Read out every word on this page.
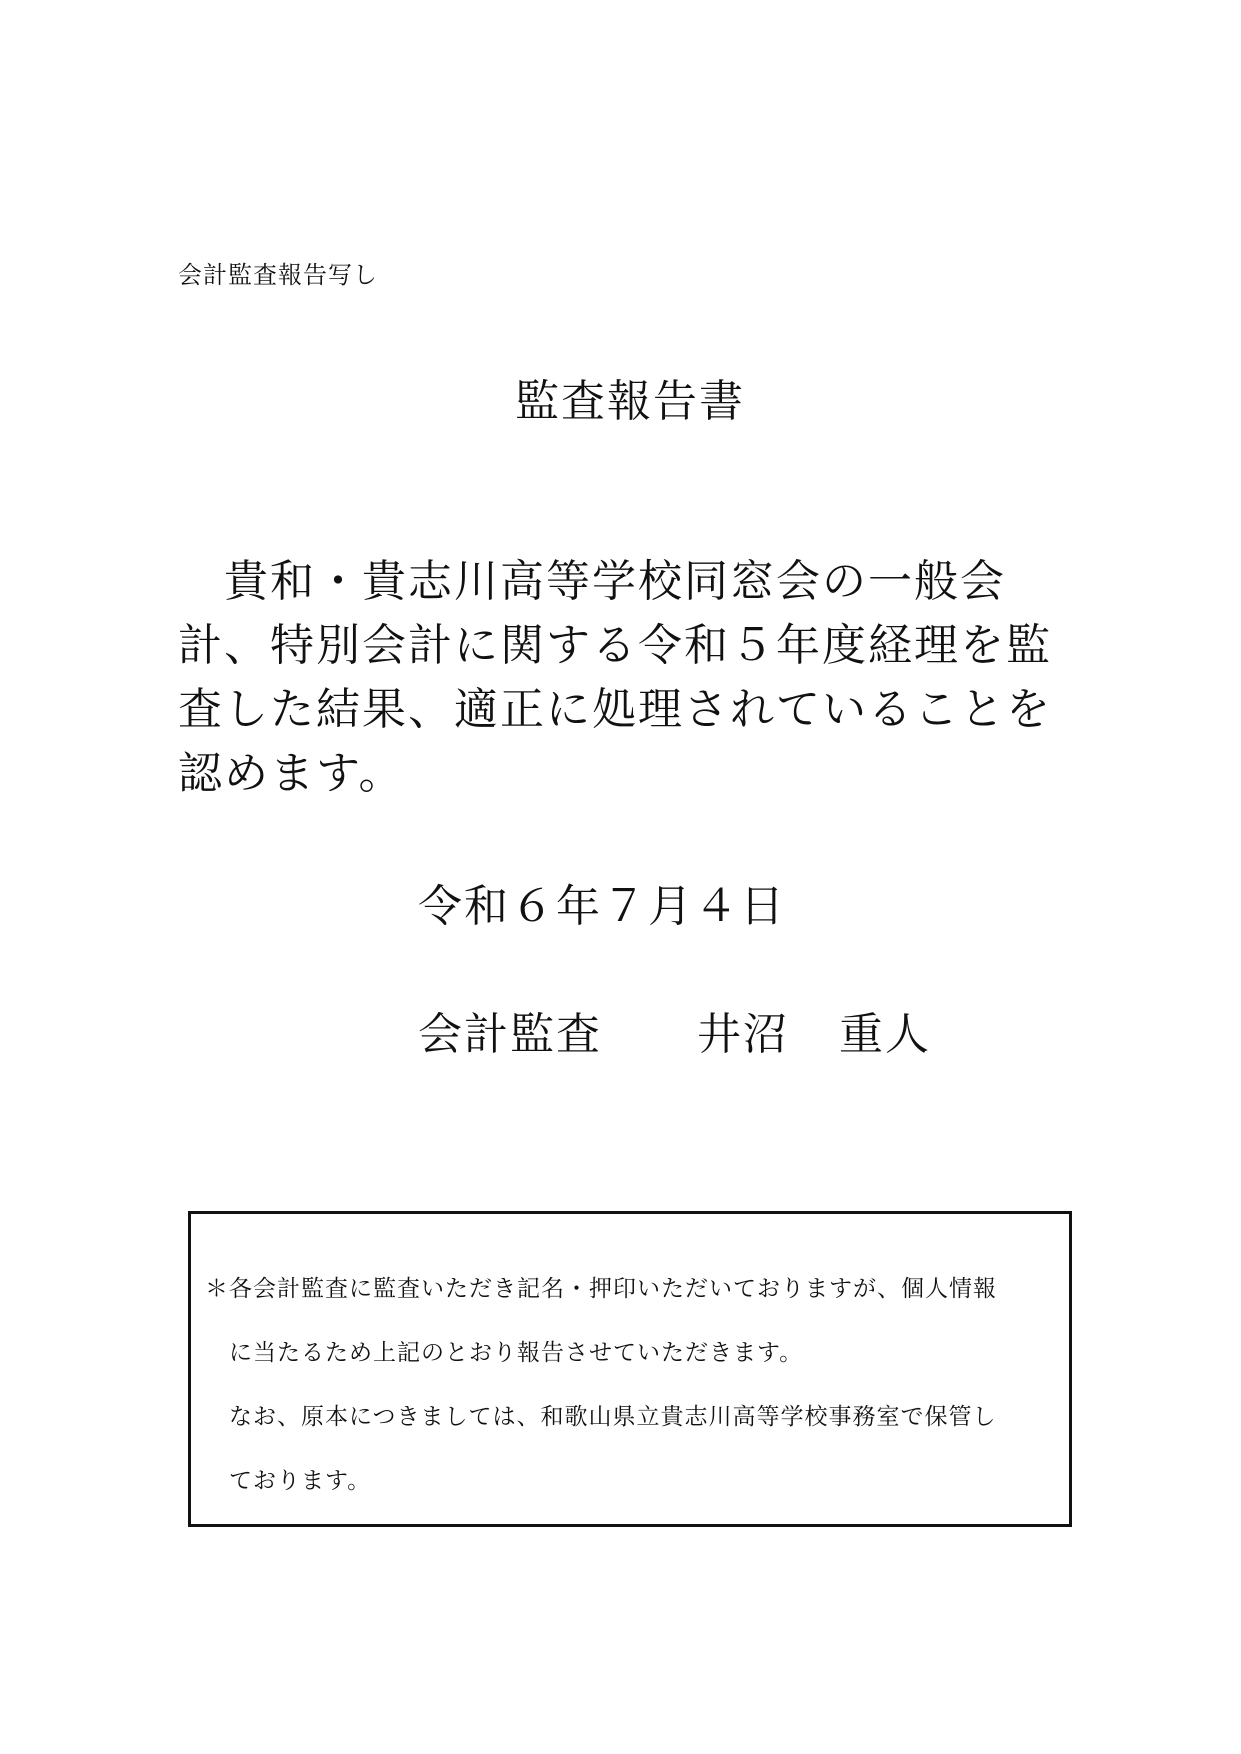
会計監査報告写し
監査報告書
　貴和・貴志川高等学校同窓会の一般会
計、特別会計に関する令和５年度経理を監
査した結果、適正に処理されていることを
認めます。
令和６年７月４日
会計監査 井沼 重人
＊各会計監査に監査いただき記名・押印いただいておりますが、個人情報
に当たるため上記のとおり報告させていただきます。
なお、原本につきましては、和歌山県立貴志川高等学校事務室で保管し
ております。
